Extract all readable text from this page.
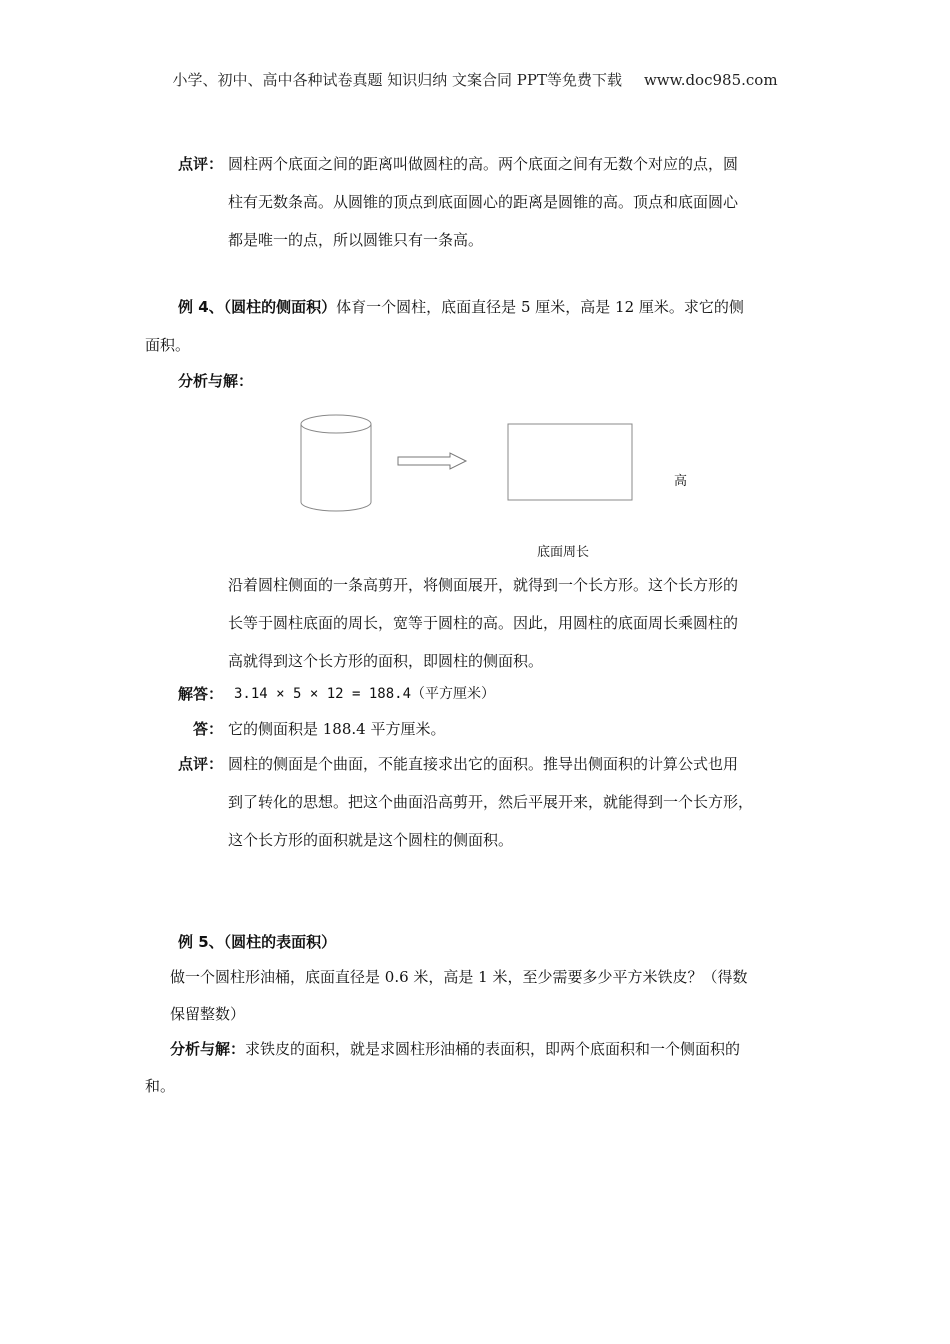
小学、初中、高中各种试卷真题 知识归纳 文案合同 PPT等免费下载 www.doc985.com
点评： 圆柱两个底面之间的距离叫做圆柱的高。两个底面之间有无数个对应的点，圆
柱有无数条高。从圆锥的顶点到底面圆心的距离是圆锥的高。顶点和底面圆心
都是唯一的点，所以圆锥只有一条高。
例 4、（圆柱的侧面积）体育一个圆柱，底面直径是 5 厘米，高是 12 厘米。求它的侧
面积。
分析与解：
高
底面周长
沿着圆柱侧面的一条高剪开，将侧面展开，就得到一个长方形。这个长方形的
长等于圆柱底面的周长，宽等于圆柱的高。因此，用圆柱的底面周长乘圆柱的
高就得到这个长方形的面积，即圆柱的侧面积。
解答： 3.14 × 5 × 12 = 188.4（平方厘米）
答： 它的侧面积是 188.4 平方厘米。
点评： 圆柱的侧面是个曲面，不能直接求出它的面积。推导出侧面积的计算公式也用
到了转化的思想。把这个曲面沿高剪开，然后平展开来，就能得到一个长方形，
这个长方形的面积就是这个圆柱的侧面积。
例 5、（圆柱的表面积）
做一个圆柱形油桶，底面直径是 0.6 米，高是 1 米，至少需要多少平方米铁皮？（得数
保留整数）
分析与解：求铁皮的面积，就是求圆柱形油桶的表面积，即两个底面积和一个侧面积的
和。
